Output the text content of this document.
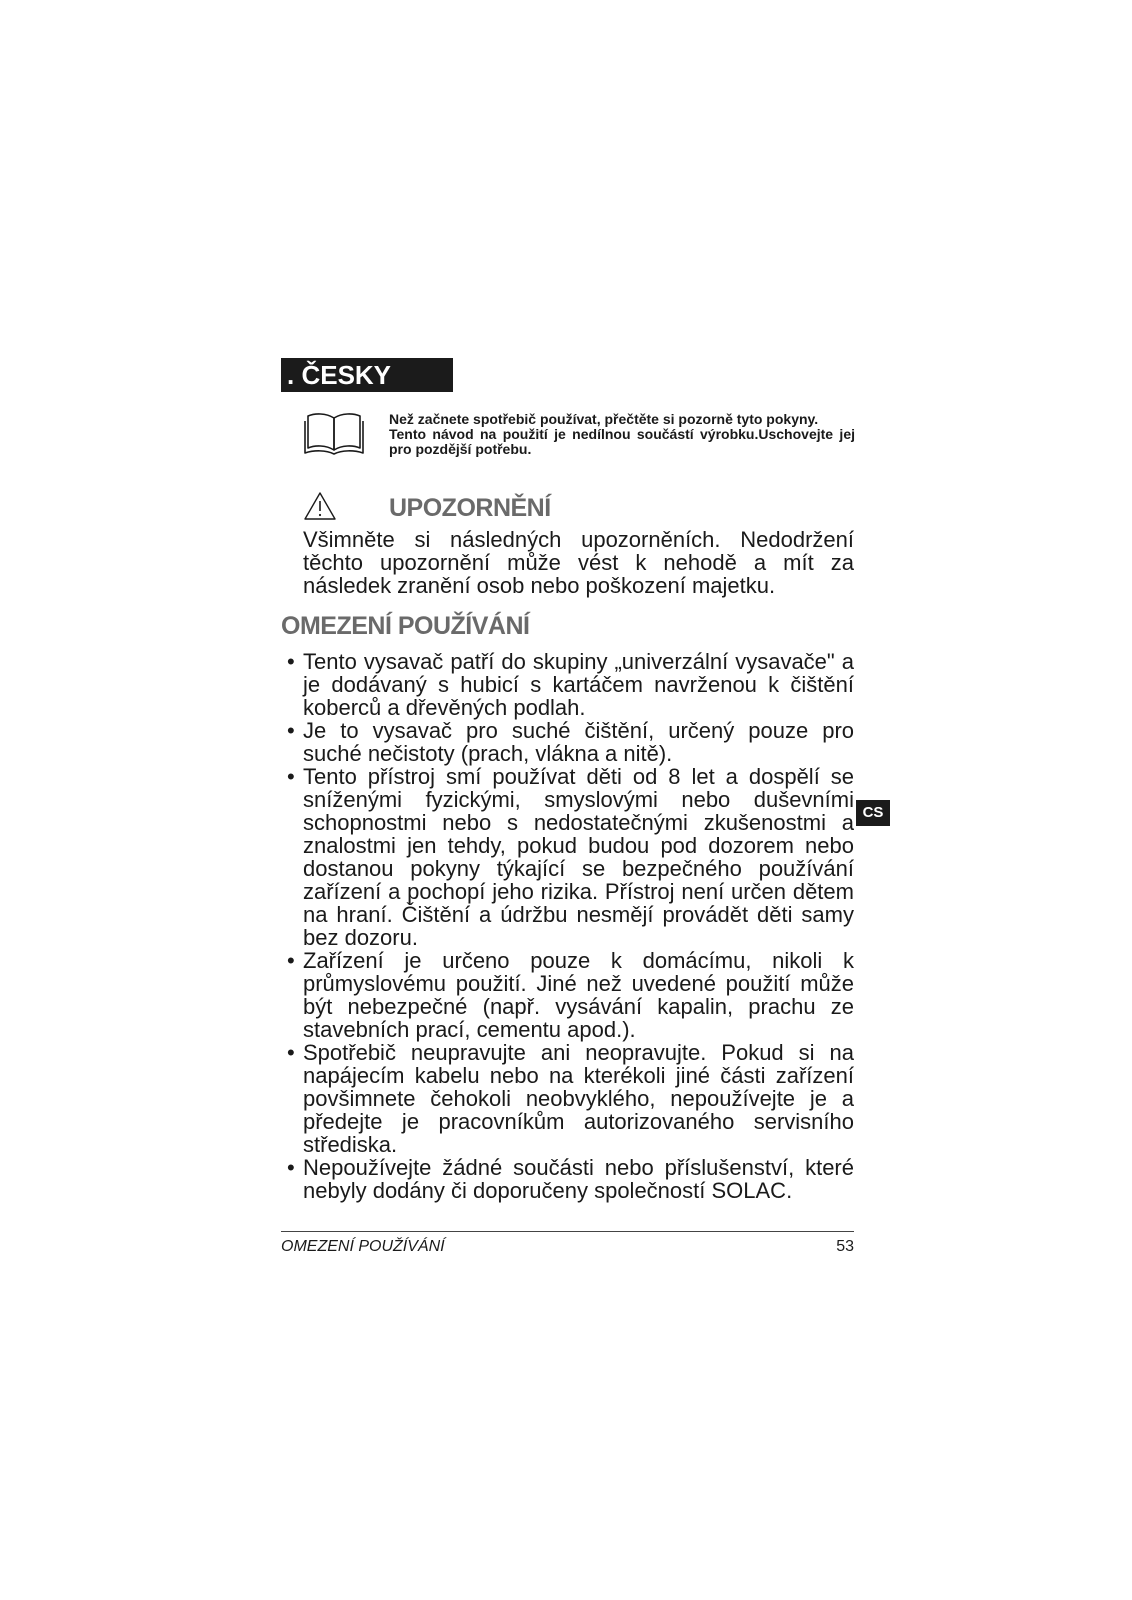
. ČESKY

Než začnete spotřebič používat, přečtěte si pozorně tyto pokyny.

Tento návod na použití je nedílnou součástí výrobku.Uschovejte jej pro pozdější potřebu.

UPOZORNĚNÍ

Všimněte si následných upozorněních. Nedodržení těchto upozornění může vést k nehodě a mít za následek zranění osob nebo poškození majetku.

OMEZENÍ POUŽÍVÁNÍ
• Tento vysavač patří do skupiny „univerzální vysavače" a je dodávaný s hubicí s kartáčem navrženou k čištění koberců a dřevěných podlah.
• Je to vysavač pro suché čištění, určený pouze pro suché nečistoty (prach, vlákna a nitě).
• Tento přístroj smí používat děti od 8 let a dospělí se sníženými fyzickými, smyslovými nebo duševními schopnostmi nebo s nedostatečnými zkušenostmi a znalostmi jen tehdy, pokud budou pod dozorem nebo dostanou pokyny týkající se bezpečného používání zařízení a pochopí jeho rizika. Přístroj není určen dětem na hraní. Čištění a údržbu nesmějí provádět děti samy bez dozoru.
• Zařízení je určeno pouze k domácímu, nikoli k průmyslovému použití. Jiné než uvedené použití může být nebezpečné (např. vysávání kapalin, prachu ze stavebních prací, cementu apod.).
• Spotřebič neupravujte ani neopravujte. Pokud si na napájecím kabelu nebo na kterékoli jiné části zařízení povšimnete čehokoli neobvyklého, nepoužívejte je a předejte je pracovníkům autorizovaného servisního střediska.
• Nepoužívejte žádné součásti nebo příslušenství, které nebyly dodány či doporučeny společností SOLAC.
CS
OMEZENÍ POUŽÍVÁNÍ	53
